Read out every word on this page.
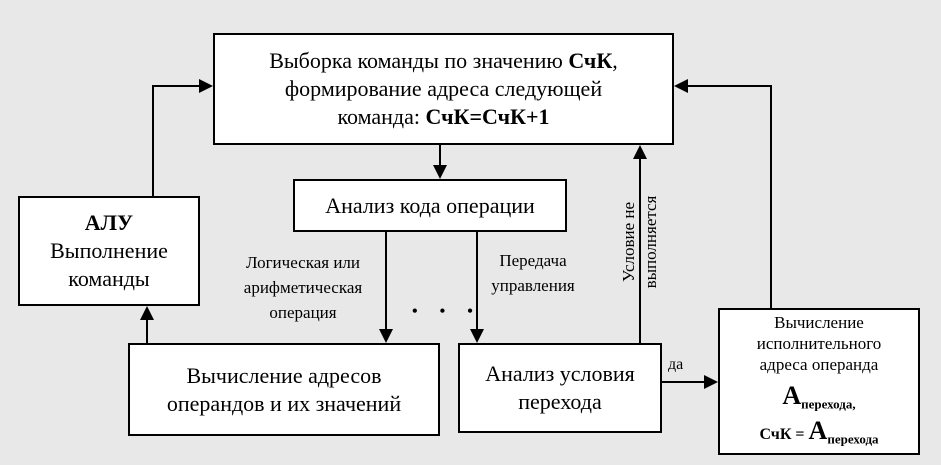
Выборка команды по значению СчК,
формирование адреса следующей
команда: СчК=СчК+1
АЛУ
Выполнение
команды
Анализ кода операции
Вычисление адресов
операндов и их значений
Анализ условия
перехода
Вычисление
исполнительного
адреса операнда
$А_{перехода,}$
СчК = $А_{перехода}$
Логическая или
арифметическая
операция
Передача
управления
Условие не выполняется
да
• • •
